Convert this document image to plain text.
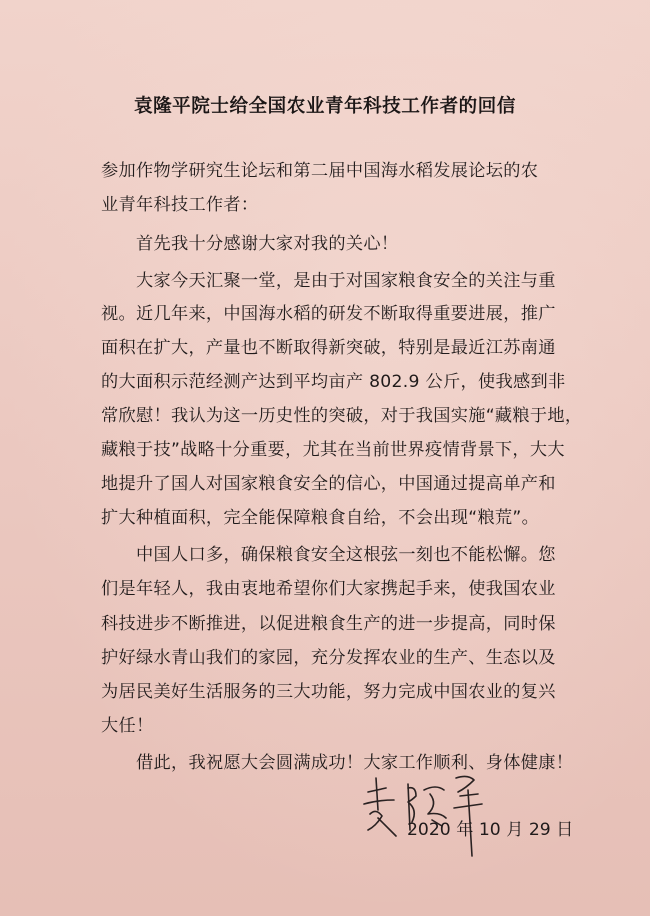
袁隆平院士给全国农业青年科技工作者的回信
参加作物学研究生论坛和第二届中国海水稻发展论坛的农
业青年科技工作者：
首先我十分感谢大家对我的关心！
大家今天汇聚一堂，是由于对国家粮食安全的关注与重
视。近几年来，中国海水稻的研发不断取得重要进展，推广
面积在扩大，产量也不断取得新突破，特别是最近江苏南通
的大面积示范经测产达到平均亩产 802.9 公斤，使我感到非
常欣慰！我认为这一历史性的突破，对于我国实施“藏粮于地，
藏粮于技”战略十分重要，尤其在当前世界疫情背景下，大大
地提升了国人对国家粮食安全的信心，中国通过提高单产和
扩大种植面积，完全能保障粮食自给，不会出现“粮荒”。
中国人口多，确保粮食安全这根弦一刻也不能松懈。您
们是年轻人，我由衷地希望你们大家携起手来，使我国农业
科技进步不断推进，以促进粮食生产的进一步提高，同时保
护好绿水青山我们的家园，充分发挥农业的生产、生态以及
为居民美好生活服务的三大功能，努力完成中国农业的复兴
大任！
借此，我祝愿大会圆满成功！大家工作顺利、身体健康！
2020 年 10 月 29 日
